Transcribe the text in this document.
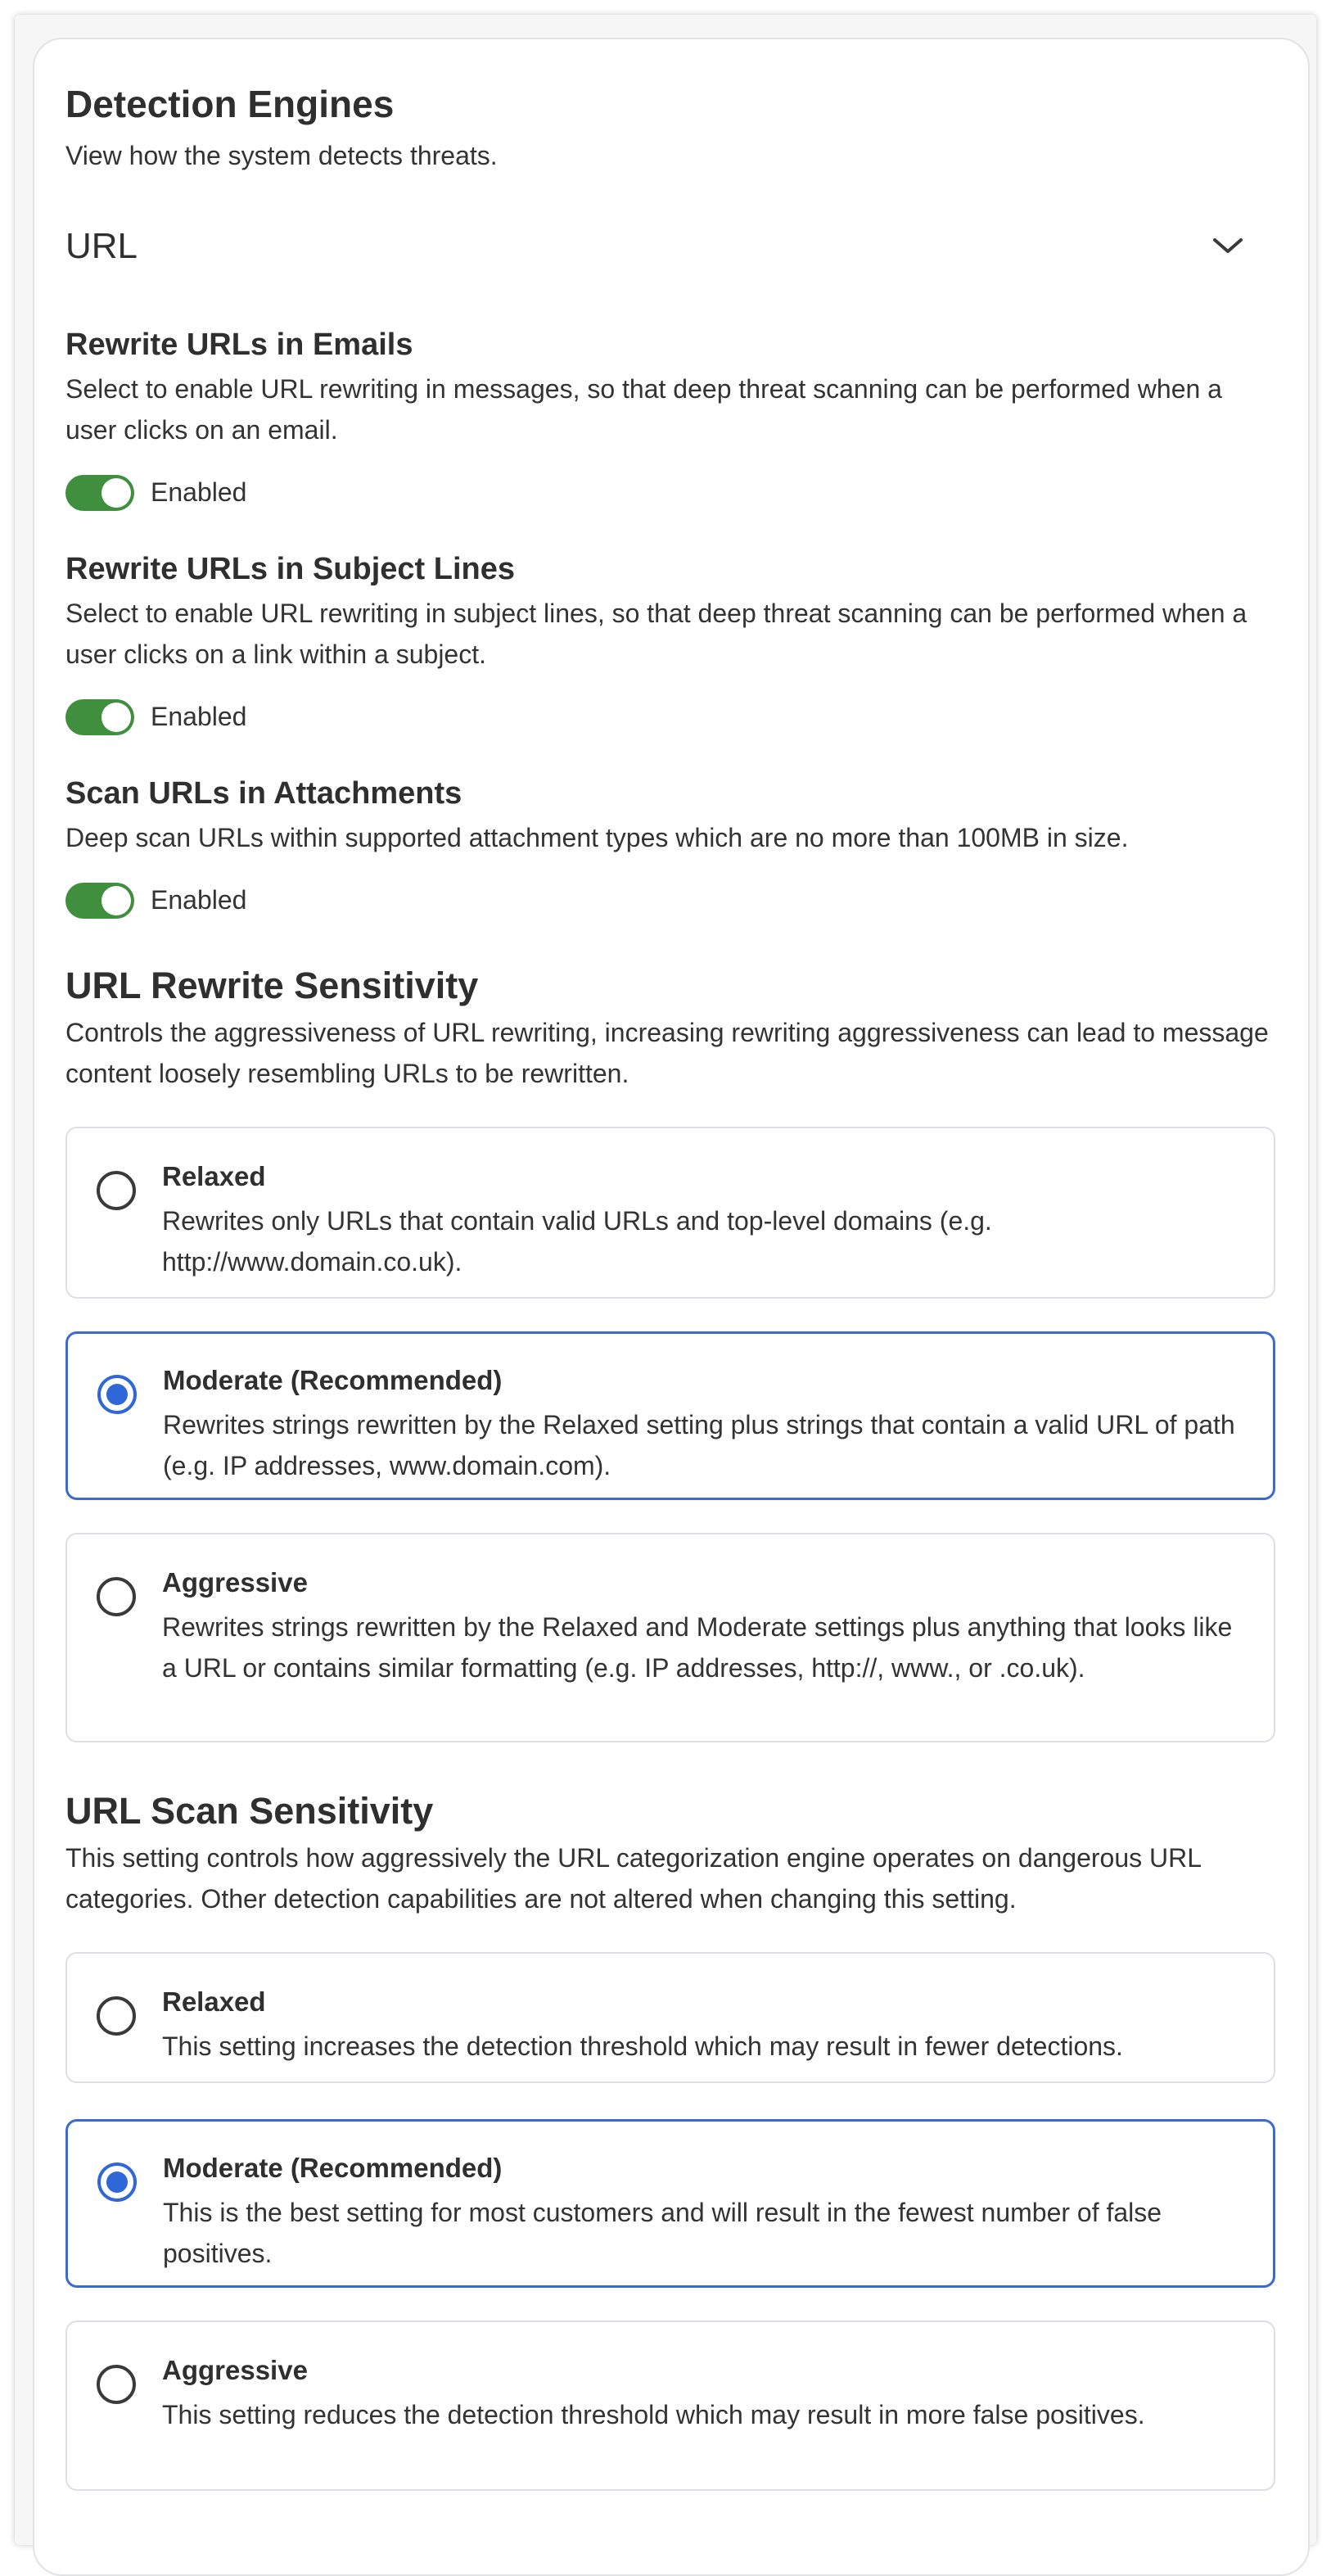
Detection Engines
View how the system detects threats.
URL
Rewrite URLs in Emails
Select to enable URL rewriting in messages, so that deep threat scanning can be performed when a user clicks on an email.
Enabled
Rewrite URLs in Subject Lines
Select to enable URL rewriting in subject lines, so that deep threat scanning can be performed when a user clicks on a link within a subject.
Enabled
Scan URLs in Attachments
Deep scan URLs within supported attachment types which are no more than 100MB in size.
Enabled
URL Rewrite Sensitivity
Controls the aggressiveness of URL rewriting, increasing rewriting aggressiveness can lead to message content loosely resembling URLs to be rewritten.
Relaxed
Rewrites only URLs that contain valid URLs and top-level domains (e.g. http://www.domain.co.uk).
Moderate (Recommended)
Rewrites strings rewritten by the Relaxed setting plus strings that contain a valid URL of path (e.g. IP addresses, www.domain.com).
Aggressive
Rewrites strings rewritten by the Relaxed and Moderate settings plus anything that looks like a URL or contains similar formatting (e.g. IP addresses, http://, www., or .co.uk).
URL Scan Sensitivity
This setting controls how aggressively the URL categorization engine operates on dangerous URL categories. Other detection capabilities are not altered when changing this setting.
Relaxed
This setting increases the detection threshold which may result in fewer detections.
Moderate (Recommended)
This is the best setting for most customers and will result in the fewest number of false positives.
Aggressive
This setting reduces the detection threshold which may result in more false positives.
